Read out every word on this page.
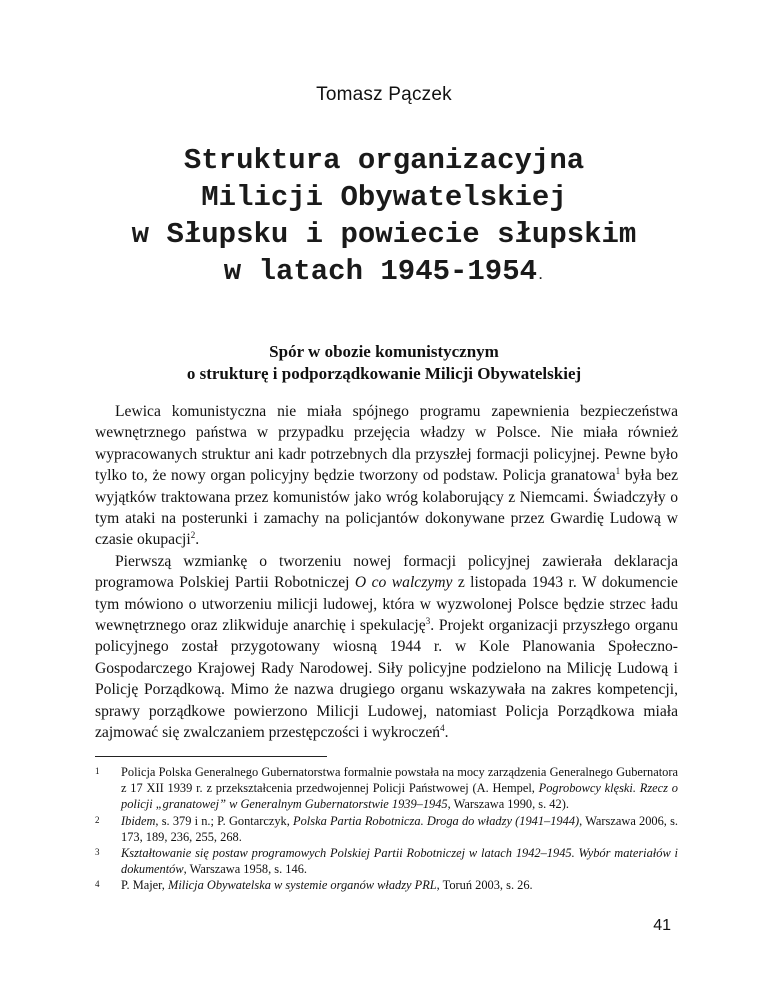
Tomasz Pączek
Struktura organizacyjna
Milicji Obywatelskiej
w Słupsku i powiecie słupskim
w latach 1945-1954.
Spór w obozie komunistycznym
o strukturę i podporządkowanie Milicji Obywatelskiej

Lewica komunistyczna nie miała spójnego programu zapewnienia bezpieczeństwa wewnętrznego państwa w przypadku przejęcia władzy w Polsce. Nie miała również wypracowanych struktur ani kadr potrzebnych dla przyszłej formacji policyjnej. Pewne było tylko to, że nowy organ policyjny będzie tworzony od podstaw. Policja granatowa$^1$ była bez wyjątków traktowana przez komunistów jako wróg kolaborujący z Niemcami. Świadczyły o tym ataki na posterunki i zamachy na policjantów dokonywane przez Gwardię Ludową w czasie okupacji$^2$.

Pierwszą wzmiankę o tworzeniu nowej formacji policyjnej zawierała deklaracja programowa Polskiej Partii Robotniczej O co walczymy z listopada 1943 r. W dokumencie tym mówiono o utworzeniu milicji ludowej, która w wyzwolonej Polsce będzie strzec ładu wewnętrznego oraz zlikwiduje anarchię i spekulację$^3$. Projekt organizacji przyszłego organu policyjnego został przygotowany wiosną 1944 r. w Kole Planowania Społeczno-Gospodarczego Krajowej Rady Narodowej. Siły policyjne podzielono na Milicję Ludową i Policję Porządkową. Mimo że nazwa drugiego organu wskazywała na zakres kompetencji, sprawy porządkowe powierzono Milicji Ludowej, natomiast Policja Porządkowa miała zajmować się zwalczaniem przestępczości i wykroczeń$^4$.

1	Policja Polska Generalnego Gubernatorstwa formalnie powstała na mocy zarządzenia Generalnego Gubernatora z 17 XII 1939 r. z przekształcenia przedwojennej Policji Państwowej (A. Hempel, Pogrobowcy klęski. Rzecz o policji „granatowej” w Generalnym Gubernatorstwie 1939–1945, Warszawa 1990, s. 42).
2	Ibidem, s. 379 i n.; P. Gontarczyk, Polska Partia Robotnicza. Droga do władzy (1941–1944), Warszawa 2006, s. 173, 189, 236, 255, 268.
3	Kształtowanie się postaw programowych Polskiej Partii Robotniczej w latach 1942–1945. Wybór materiałów i dokumentów, Warszawa 1958, s. 146.
4	P. Majer, Milicja Obywatelska w systemie organów władzy PRL, Toruń 2003, s. 26.
41
